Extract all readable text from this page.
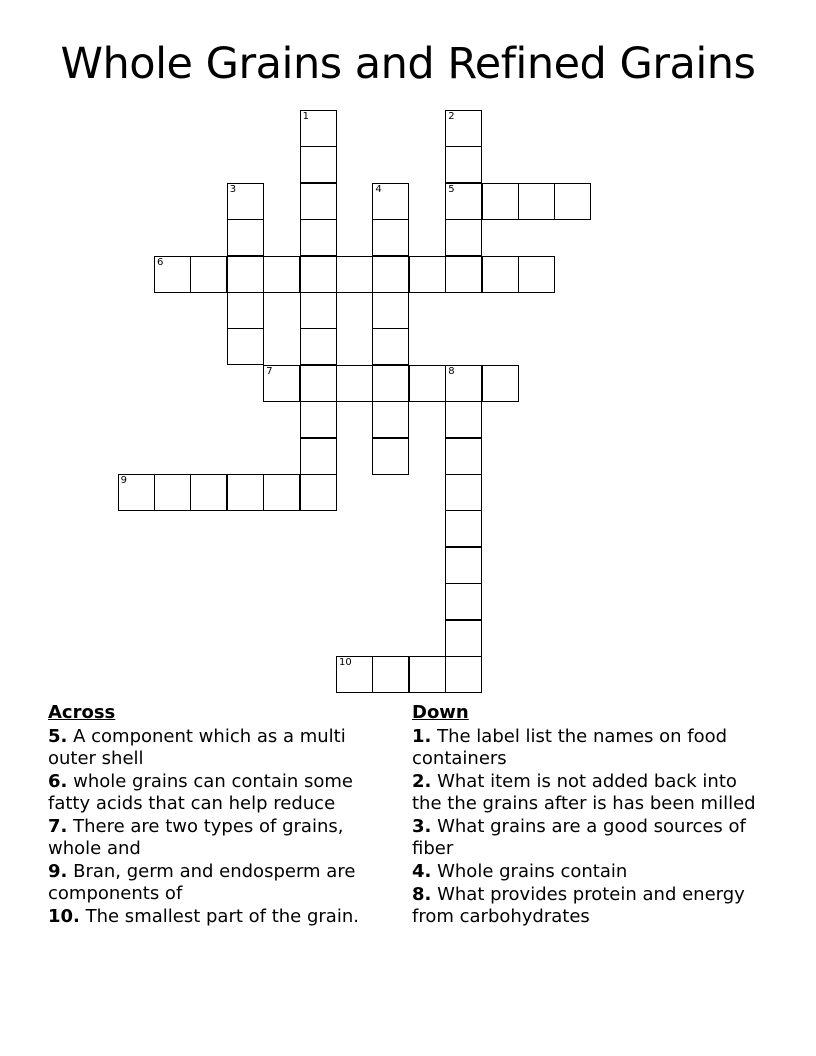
Whole Grains and Refined Grains
1	2
3	4	5
6
7	8
9
10
Across
5. A component which as a multi outer shell
6. whole grains can contain some fatty acids that can help reduce
7. There are two types of grains, whole and
9. Bran, germ and endosperm are components of
10. The smallest part of the grain.
Down
1. The label list the names on food containers
2. What item is not added back into the the grains after is has been milled
3. What grains are a good sources of fiber
4. Whole grains contain
8. What provides protein and energy from carbohydrates
